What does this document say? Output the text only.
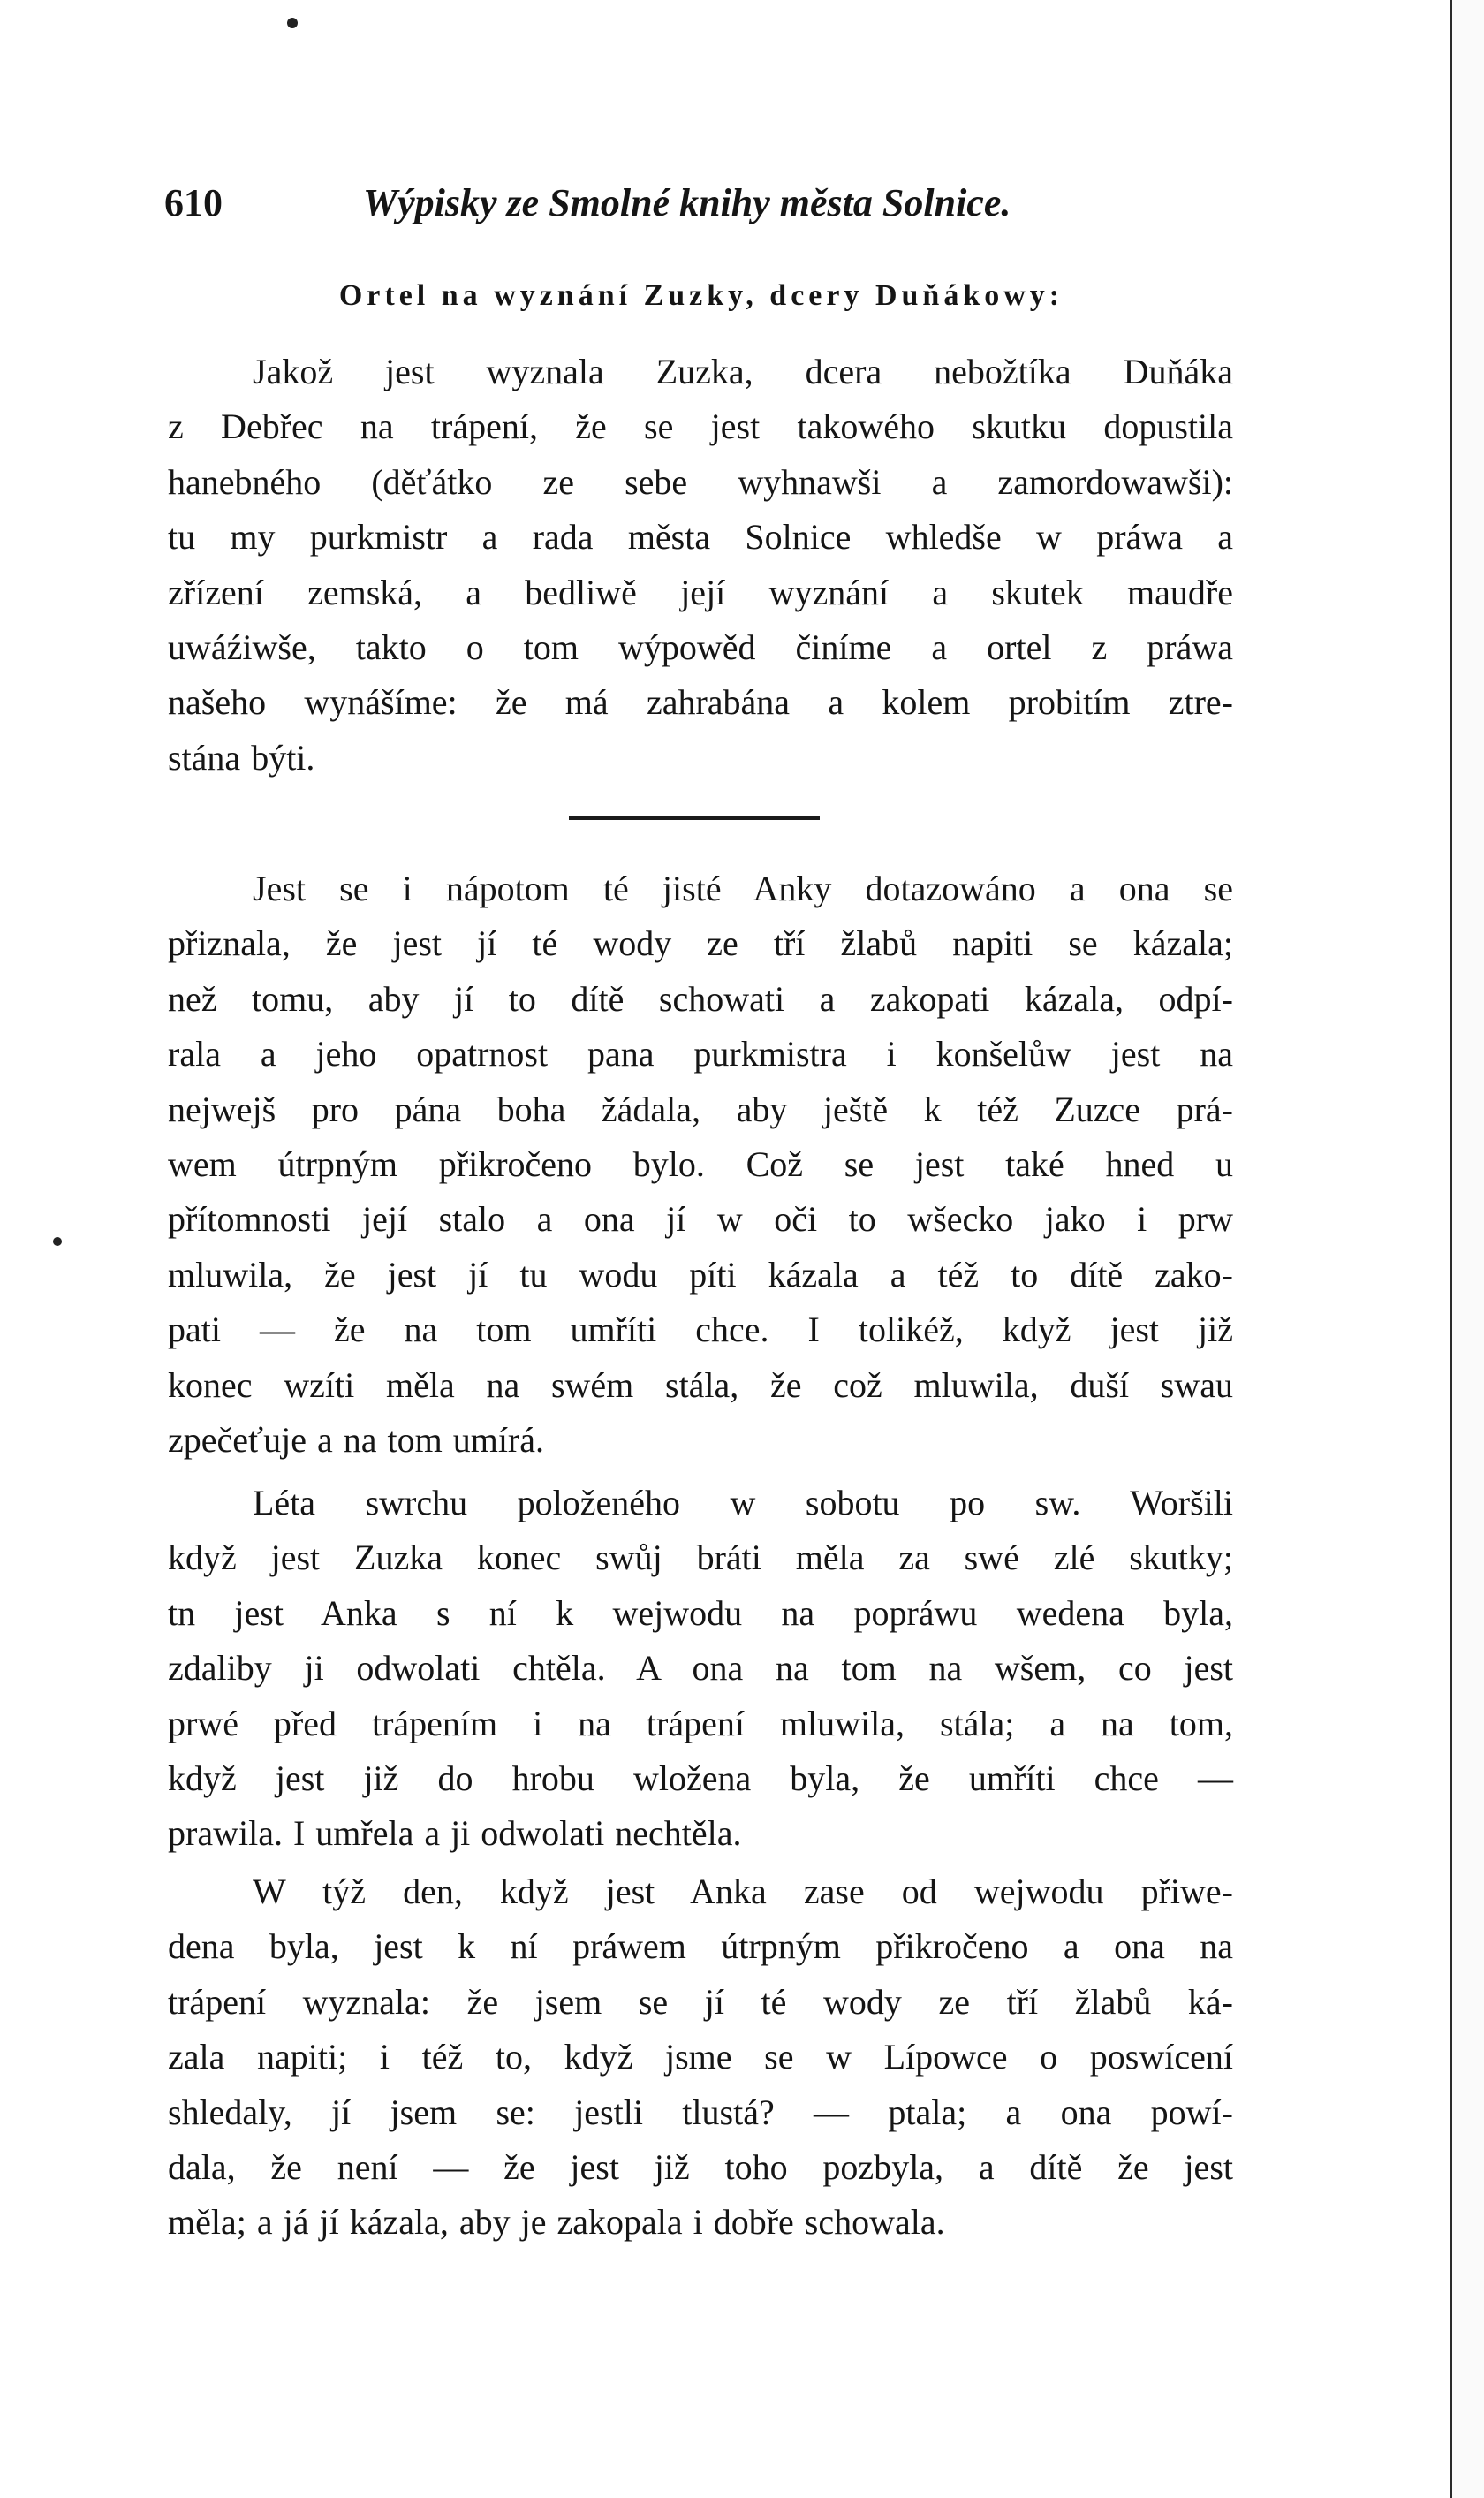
610	Wýpisky ze Smolné knihy města Solnice.
Ortel na wyznání Zuzky, dcery Duňákowy:
Jakož jest wyznala Zuzka, dcera nebožtíka Duňáka
z Debřec na trápení, že se jest takowého skutku dopustila
hanebného (děťátko ze sebe wyhnawši a zamordowawši):
tu my purkmistr a rada města Solnice whledše w práwa a
zřízení zemská, a bedliwě její wyznání a skutek maudře
uwáźiwše, takto o tom wýpowěd činíme a ortel z práwa
našeho wynášíme: že má zahrabána a kolem probitím ztre-
stána býti.
Jest se i nápotom té jisté Anky dotazowáno a ona se
přiznala, že jest jí té wody ze tří žlabů napiti se kázala;
než tomu, aby jí to dítě schowati a zakopati kázala, odpí-
rala a jeho opatrnost pana purkmistra i konšelůw jest na
nejwejš pro pána boha žádala, aby ještě k též Zuzce prá-
wem útrpným přikročeno bylo. Což se jest také hned u
přítomnosti její stalo a ona jí w oči to wšecko jako i prw
mluwila, že jest jí tu wodu píti kázala a též to dítě zako-
pati — že na tom umříti chce. I tolikéž, když jest již
konec wzíti měla na swém stála, že což mluwila, duší swau
zpečeťuje a na tom umírá.
Léta swrchu položeného w sobotu po sw. Woršili
když jest Zuzka konec swůj bráti měla za swé zlé skutky;
tn jest Anka s ní k wejwodu na popráwu wedena byla,
zdaliby ji odwolati chtěla. A ona na tom na wšem, co jest
prwé před trápením i na trápení mluwila, stála; a na tom,
když jest již do hrobu wložena byla, že umříti chce —
prawila. I umřela a ji odwolati nechtěla.
W týž den, když jest Anka zase od wejwodu přiwe-
dena byla, jest k ní práwem útrpným přikročeno a ona na
trápení wyznala: že jsem se jí té wody ze tří žlabů ká-
zala napiti; i též to, když jsme se w Lípowce o poswícení
shledaly, jí jsem se: jestli tlustá? — ptala; a ona powí-
dala, že není — že jest již toho pozbyla, a dítě že jest
měla; a já jí kázala, aby je zakopala i dobře schowala.
